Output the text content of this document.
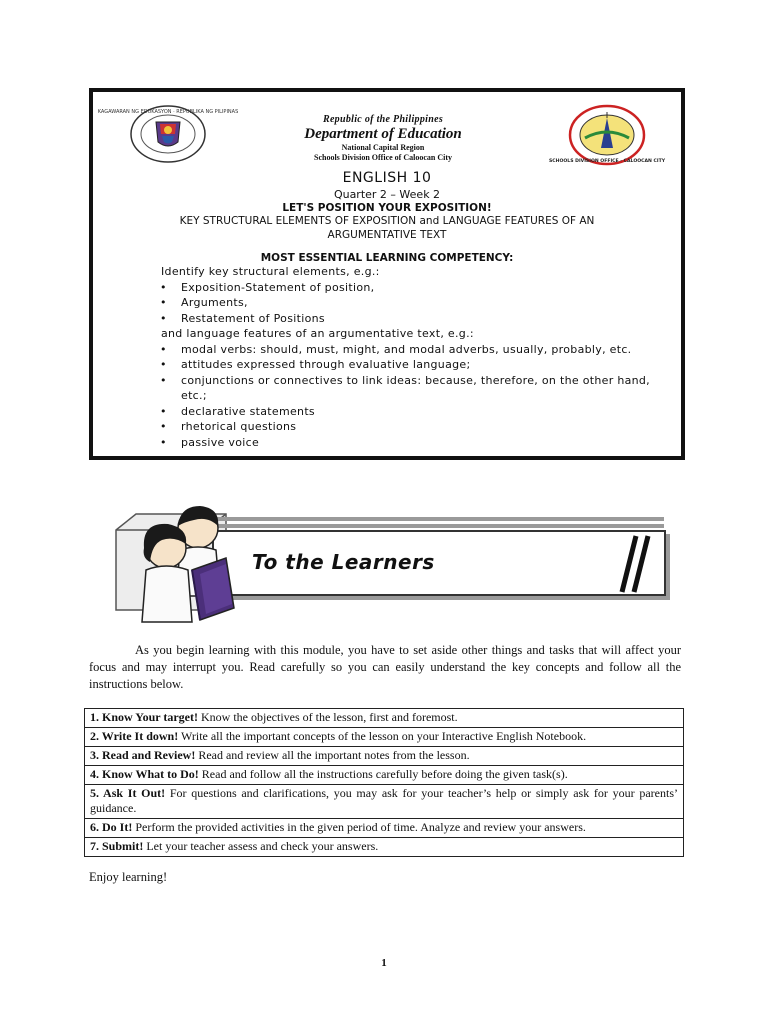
KAGAWARAN NG EDUKASYON · REPUBLIKA NG PILIPINAS
Republic of the Philippines
Department of Education
National Capital Region
Schools Division Office of Caloocan City	SCHOOLS DIVISION OFFICE · CALOOCAN CITY
ENGLISH 10
Quarter 2 – Week 2
LET'S POSITION YOUR EXPOSITION!
KEY STRUCTURAL ELEMENTS OF EXPOSITION and LANGUAGE FEATURES OF AN
ARGUMENTATIVE TEXT
MOST ESSENTIAL LEARNING COMPETENCY:
Identify key structural elements, e.g.:
• Exposition-Statement of position,
• Arguments,
• Restatement of Positions
and language features of an argumentative text, e.g.:
• modal verbs: should, must, might, and modal adverbs, usually, probably, etc.
• attitudes expressed through evaluative language;
• conjunctions or connectives to link ideas: because, therefore, on the other hand, etc.;
• declarative statements
• rhetorical questions
• passive voice
To the Learners
As you begin learning with this module, you have to set aside other things and tasks that will affect your focus and may interrupt you. Read carefully so you can easily understand the key concepts and follow all the instructions below.
1. Know Your target! Know the objectives of the lesson, first and foremost.
2. Write It down! Write all the important concepts of the lesson on your Interactive English Notebook.
3. Read and Review! Read and review all the important notes from the lesson.
4. Know What to Do! Read and follow all the instructions carefully before doing the given task(s).
5. Ask It Out! For questions and clarifications, you may ask for your teacher’s help or simply ask for your parents’ guidance.
6. Do It! Perform the provided activities in the given period of time. Analyze and review your answers.
7. Submit! Let your teacher assess and check your answers.
Enjoy learning!
1
